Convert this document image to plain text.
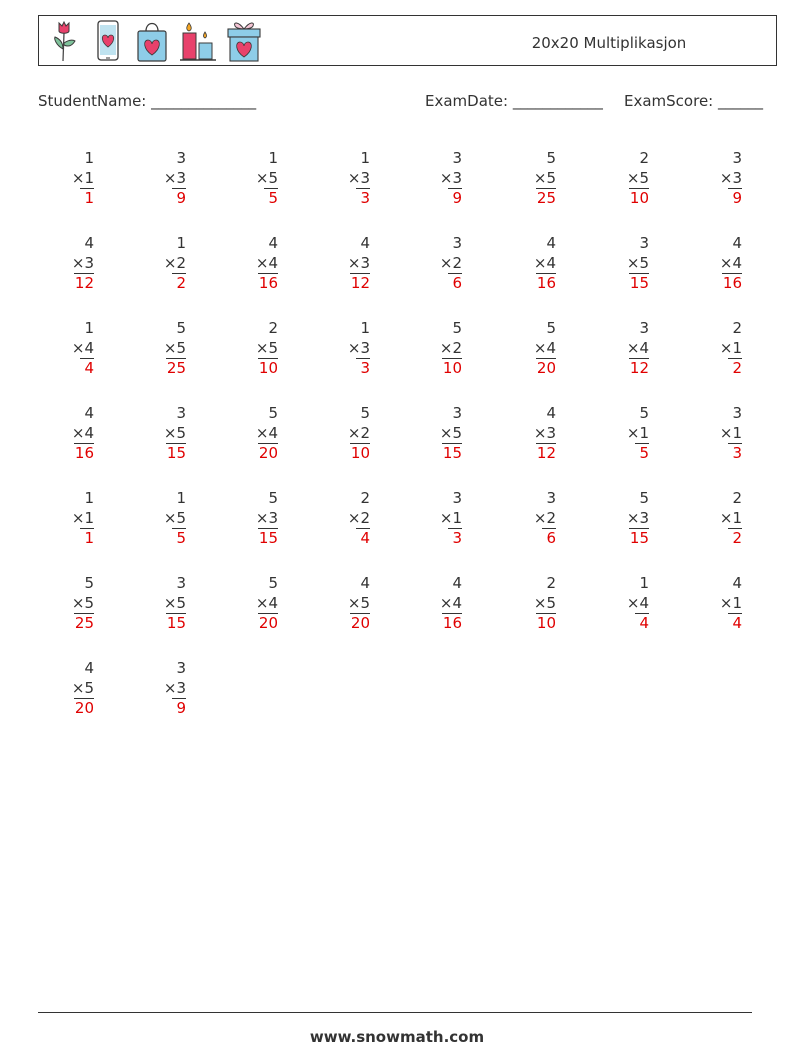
20x20 Multiplikasjon
StudentName: ______________	ExamDate: ____________ ExamScore: ______
1
×1
1
3
×3
9
1
×5
5
1
×3
3
3
×3
9
5
×5
25
2
×5
10
3
×3
9
4
×3
12
1
×2
2
4
×4
16
4
×3
12
3
×2
6
4
×4
16
3
×5
15
4
×4
16
1
×4
4
5
×5
25
2
×5
10
1
×3
3
5
×2
10
5
×4
20
3
×4
12
2
×1
2
4
×4
16
3
×5
15
5
×4
20
5
×2
10
3
×5
15
4
×3
12
5
×1
5
3
×1
3
1
×1
1
1
×5
5
5
×3
15
2
×2
4
3
×1
3
3
×2
6
5
×3
15
2
×1
2
5
×5
25
3
×5
15
5
×4
20
4
×5
20
4
×4
16
2
×5
10
1
×4
4
4
×1
4
4
×5
20
3
×3
9
www.snowmath.com
